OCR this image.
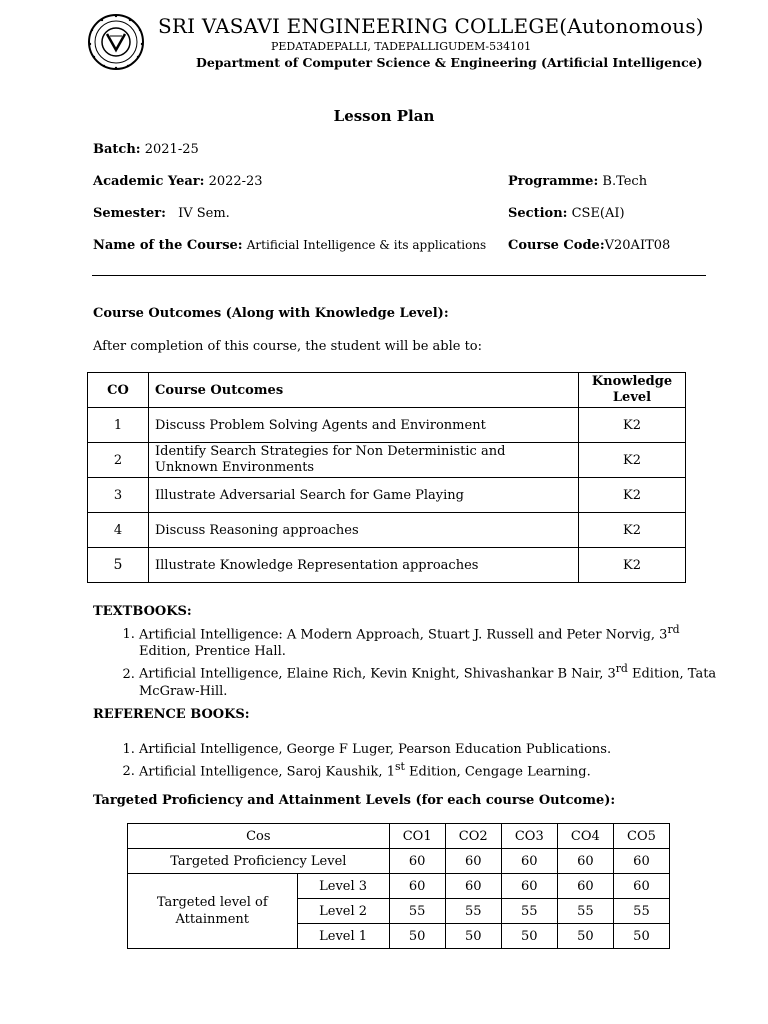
SRI VASAVI ENGINEERING COLLEGE(Autonomous)
PEDATADEPALLI, TADEPALLIGUDEM-534101
Department of Computer Science & Engineering (Artificial Intelligence)
Lesson Plan
Batch: 2021-25
Academic Year: 2022-23	Programme: B.Tech
Semester: IV Sem.	Section: CSE(AI)
Name of the Course: Artificial Intelligence & its applications Course Code:V20AIT08
Course Outcomes (Along with Knowledge Level):
After completion of this course, the student will be able to:
CO	Course Outcomes	Knowledge Level
1	Discuss Problem Solving Agents and Environment	K2
2	Identify Search Strategies for Non Deterministic and Unknown Environments	K2
3	Illustrate Adversarial Search for Game Playing	K2
4	Discuss Reasoning approaches	K2
5	Illustrate Knowledge Representation approaches	K2
TEXTBOOKS:
1. Artificial Intelligence: A Modern Approach, Stuart J. Russell and Peter Norvig, 3rd Edition, Prentice Hall.
2. Artificial Intelligence, Elaine Rich, Kevin Knight, Shivashankar B Nair, 3rd Edition, Tata McGraw-Hill.
REFERENCE BOOKS:
1. Artificial Intelligence, George F Luger, Pearson Education Publications.
2. Artificial Intelligence, Saroj Kaushik, 1st Edition, Cengage Learning.
Targeted Proficiency and Attainment Levels (for each course Outcome):
Cos		CO1	CO2	CO3	CO4	CO5
Targeted Proficiency Level		60	60	60	60	60
Targeted level of Attainment	Level 3	60	60	60	60	60
	Level 2	55	55	55	55	55
	Level 1	50	50	50	50	50
